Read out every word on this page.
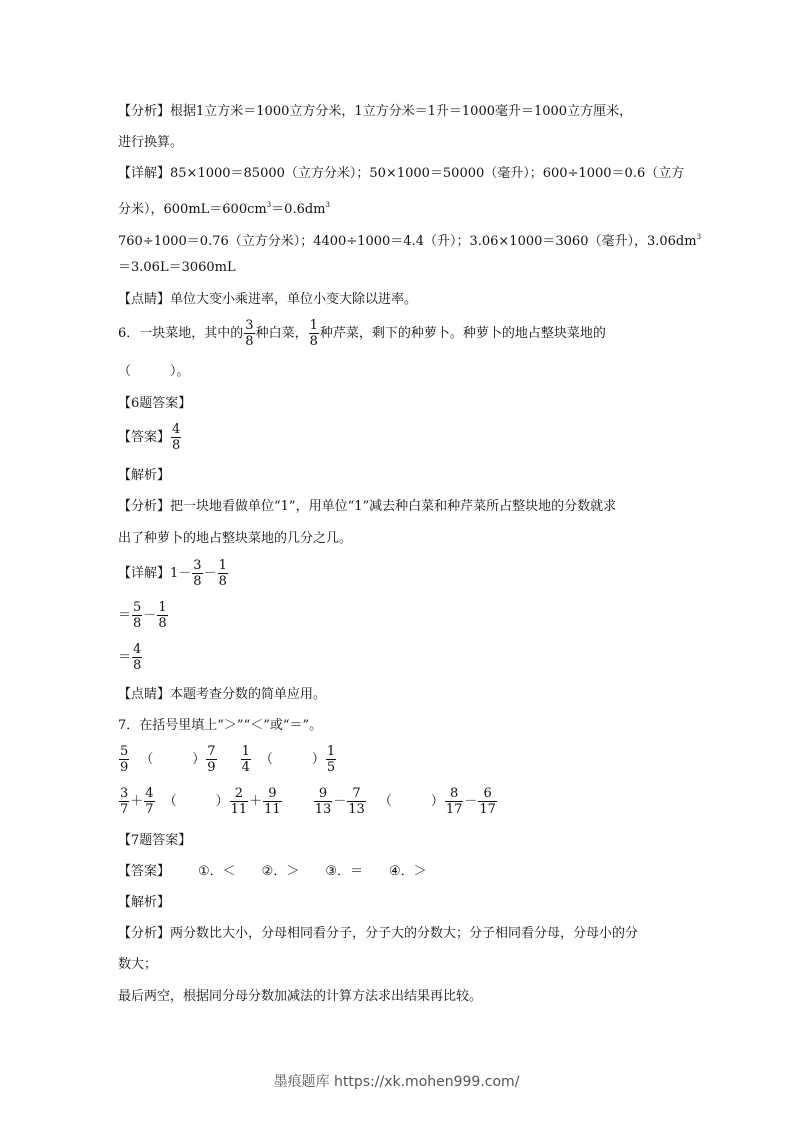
【分析】根据1立方米＝1000立方分米，1立方分米＝1升＝1000毫升＝1000立方厘米，
进行换算。
【详解】85×1000＝85000（立方分米）；50×1000＝50000（毫升）；600÷1000＝0.6（立方
分米），$600mL=600cm^3=0.6dm^3$
760÷1000＝0.76（立方分米）；4400÷1000＝4.4（升）；3.06×1000＝3060（毫升），$3.06dm^3$
＝3.06L＝3060mL
【点睛】单位大变小乘进率，单位小变大除以进率。
6．一块菜地，其中的 $\frac{3}{8}$ 种白菜， $\frac{1}{8}$ 种芹菜，剩下的种萝卜。种萝卜的地占整块菜地的
（　　　）。
【6题答案】
【答案】 $\frac{4}{8}$
【解析】
【分析】把一块地看做单位“1”，用单位“1”减去种白菜和种芹菜所占整块地的分数就求
出了种萝卜的地占整块菜地的几分之几。
【详解】$1- \frac{3}{8} - \frac{1}{8}$
＝ $\frac{5}{8} - \frac{1}{8}$
＝ $\frac{4}{8}$
【点睛】本题考查分数的简单应用。
7．在括号里填上“＞”“＜”或“＝”。
$\frac{5}{9}$ （　　　） $\frac{7}{9} \frac{1}{4}$ （　　　） $\frac{1}{5}$
$\frac{3}{7} + \frac{4}{7}$ （　　　） $\frac{2}{11} + \frac{9}{11} \frac{9}{13} - \frac{7}{13}$ （　　　） $\frac{8}{17} - \frac{6}{17}$
【7题答案】
【答案】 ①．＜ ②．＞ ③．＝ ④．＞
【解析】
【分析】两分数比大小，分母相同看分子，分子大的分数大；分子相同看分母，分母小的分
数大；
最后两空，根据同分母分数加减法的计算方法求出结果再比较。
墨痕题库 https://xk.mohen999.com/
